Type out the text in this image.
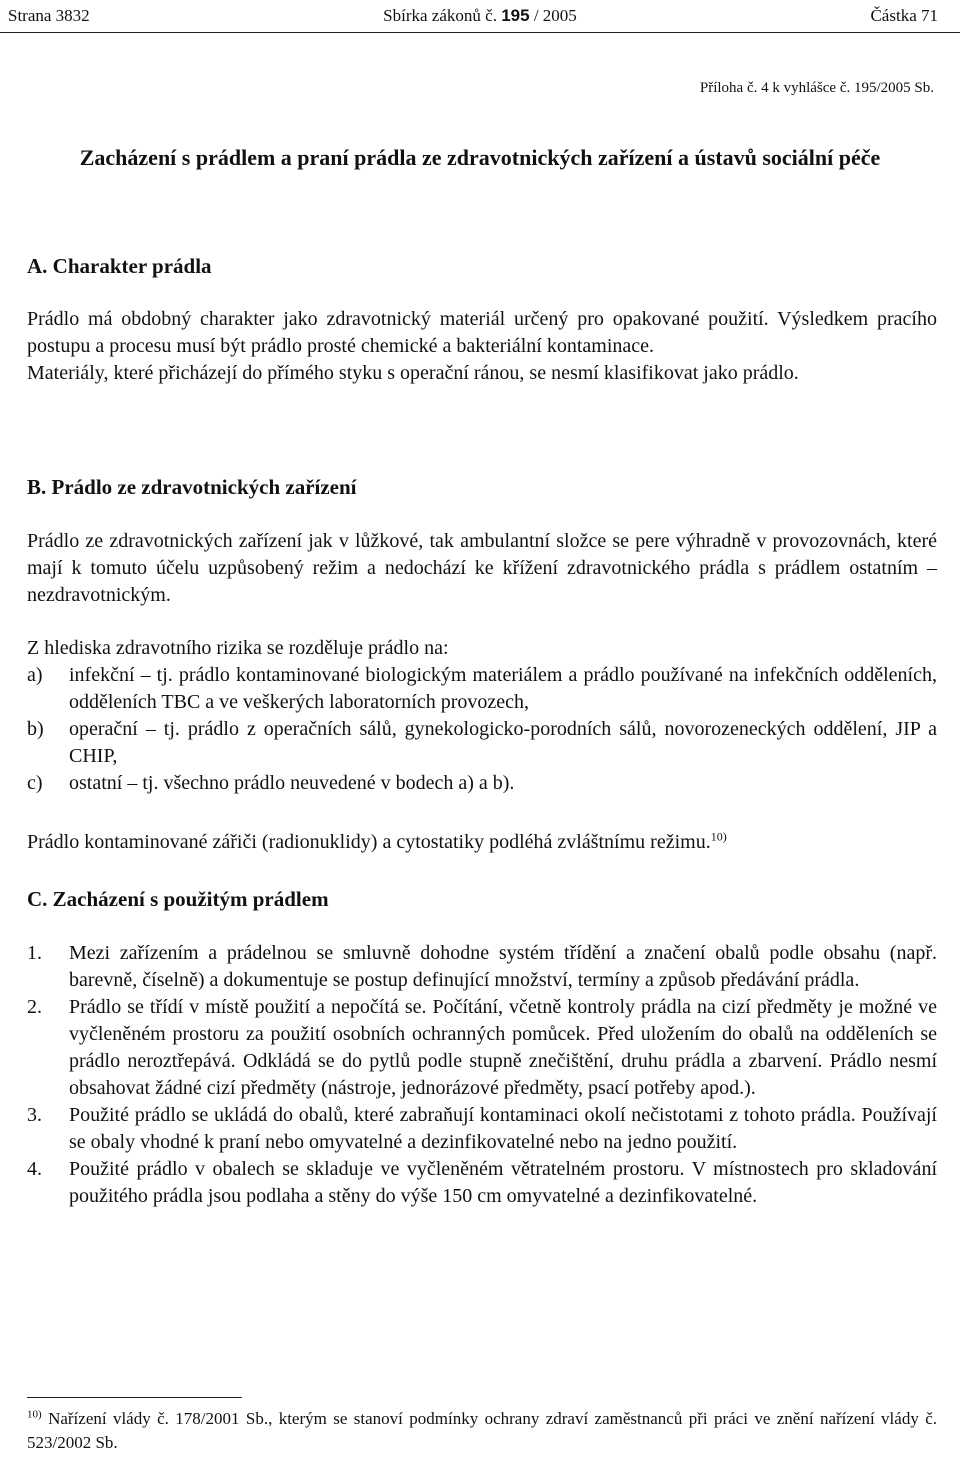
Strana 3832	Sbírka zákonů č. 195 / 2005	Částka 71
Příloha č. 4 k vyhlášce č. 195/2005 Sb.
Zacházení s prádlem a praní prádla ze zdravotnických zařízení a ústavů sociální péče

A. Charakter prádla

Prádlo má obdobný charakter jako zdravotnický materiál určený pro opakované použití. Výsledkem pracího postupu a procesu musí být prádlo prosté chemické a bakteriální kontaminace.

Materiály, které přicházejí do přímého styku s operační ránou, se nesmí klasifikovat jako prádlo.

B. Prádlo ze zdravotnických zařízení

Prádlo ze zdravotnických zařízení jak v lůžkové, tak ambulantní složce se pere výhradně v provozovnách, které mají k tomuto účelu uzpůsobený režim a nedochází ke křížení zdravotnického prádla s prádlem ostatním – nezdravotnickým.

Z hlediska zdravotního rizika se rozděluje prádlo na:

a) infekční – tj. prádlo kontaminované biologickým materiálem a prádlo používané na infekčních odděleních, odděleních TBC a ve veškerých laboratorních provozech,
b) operační – tj. prádlo z operačních sálů, gynekologicko-porodních sálů, novorozeneckých oddělení, JIP a CHIP,
c) ostatní – tj. všechno prádlo neuvedené v bodech a) a b).
Prádlo kontaminované zářiči (radionuklidy) a cytostatiky podléhá zvláštnímu režimu.$^{10)}$

C. Zacházení s použitým prádlem

1. Mezi zařízením a prádelnou se smluvně dohodne systém třídění a značení obalů podle obsahu (např. barevně, číselně) a dokumentuje se postup definující množství, termíny a způsob předávání prádla.
2. Prádlo se třídí v místě použití a nepočítá se. Počítání, včetně kontroly prádla na cizí předměty je možné ve vyčleněném prostoru za použití osobních ochranných pomůcek. Před uložením do obalů na odděleních se prádlo neroztřepává. Odkládá se do pytlů podle stupně znečištění, druhu prádla a zbarvení. Prádlo nesmí obsahovat žádné cizí předměty (nástroje, jednorázové předměty, psací potřeby apod.).
3. Použité prádlo se ukládá do obalů, které zabraňují kontaminaci okolí nečistotami z tohoto prádla. Používají se obaly vhodné k praní nebo omyvatelné a dezinfikovatelné nebo na jedno použití.
4. Použité prádlo v obalech se skladuje ve vyčleněném větratelném prostoru. V místnostech pro skladování použitého prádla jsou podlaha a stěny do výše 150 cm omyvatelné a dezinfikovatelné.
$^{10)}$ Nařízení vlády č. 178/2001 Sb., kterým se stanoví podmínky ochrany zdraví zaměstnanců při práci ve znění nařízení vlády č. 523/2002 Sb.
